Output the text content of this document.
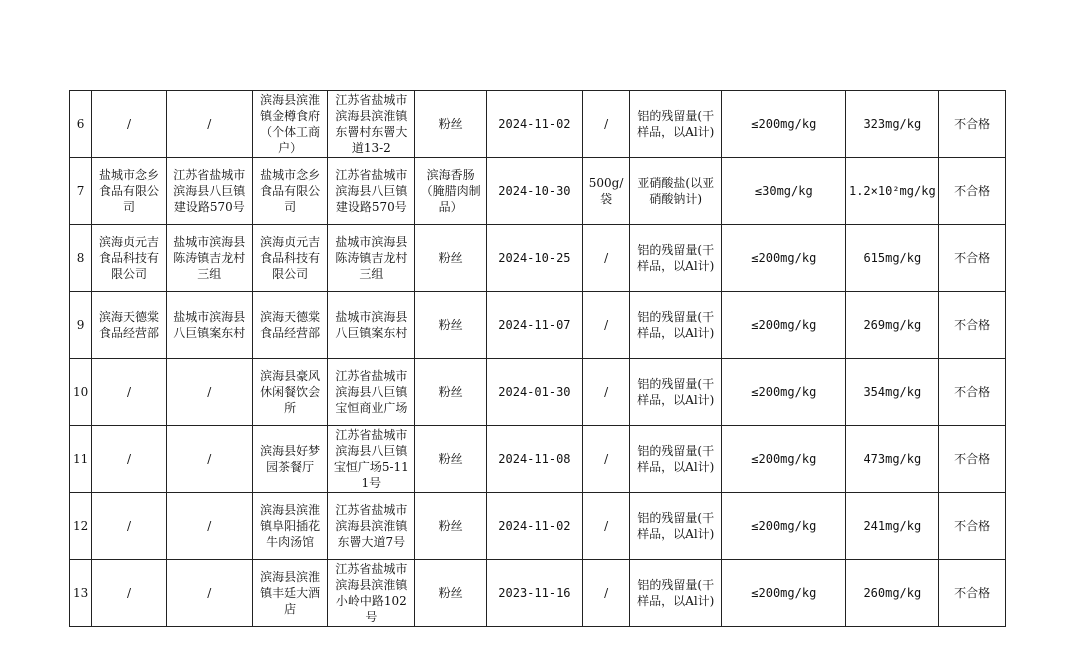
6	/	/	滨海县滨淮镇金樽食府（个体工商户）	江苏省盐城市滨海县滨淮镇东罾村东罾大道13-2	粉丝	2024-11-02	/	铝的残留量(干样品，以Al计)	≤200mg/kg	323mg/kg	不合格
7	盐城市念乡食品有限公司	江苏省盐城市滨海县八巨镇建设路570号	盐城市念乡食品有限公司	江苏省盐城市滨海县八巨镇建设路570号	滨海香肠（腌腊肉制品）	2024-10-30	500g/袋	亚硝酸盐(以亚硝酸钠计)	≤30mg/kg	1.2×10²mg/kg	不合格
8	滨海贞元吉食品科技有限公司	盐城市滨海县陈涛镇吉龙村三组	滨海贞元吉食品科技有限公司	盐城市滨海县陈涛镇吉龙村三组	粉丝	2024-10-25	/	铝的残留量(干样品，以Al计)	≤200mg/kg	615mg/kg	不合格
9	滨海天德棠食品经营部	盐城市滨海县八巨镇案东村	滨海天德棠食品经营部	盐城市滨海县八巨镇案东村	粉丝	2024-11-07	/	铝的残留量(干样品，以Al计)	≤200mg/kg	269mg/kg	不合格
10	/	/	滨海县豪风休闲餐饮会所	江苏省盐城市滨海县八巨镇宝恒商业广场	粉丝	2024-01-30	/	铝的残留量(干样品，以Al计)	≤200mg/kg	354mg/kg	不合格
11	/	/	滨海县好梦园茶餐厅	江苏省盐城市滨海县八巨镇宝恒广场5-111号	粉丝	2024-11-08	/	铝的残留量(干样品，以Al计)	≤200mg/kg	473mg/kg	不合格
12	/	/	滨海县滨淮镇阜阳插花牛肉汤馆	江苏省盐城市滨海县滨淮镇东罾大道7号	粉丝	2024-11-02	/	铝的残留量(干样品，以Al计)	≤200mg/kg	241mg/kg	不合格
13	/	/	滨海县滨淮镇丰廷大酒店	江苏省盐城市滨海县滨淮镇小岭中路102号	粉丝	2023-11-16	/	铝的残留量(干样品，以Al计)	≤200mg/kg	260mg/kg	不合格
